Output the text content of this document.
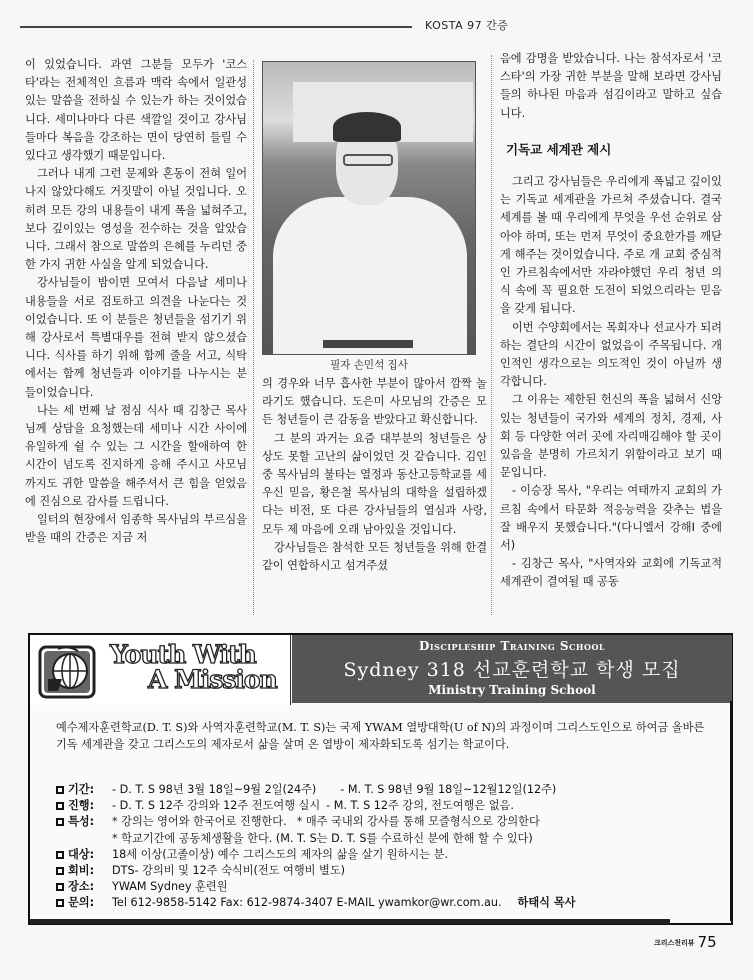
KOSTA 97 간증

이 있었습니다. 과연 그분들 모두가 '코스타'라는 전체적인 흐름과 맥락 속에서 일관성있는 말씀을 전하실 수 있는가 하는 것이었습니다. 세미나마다 다른 색깔일 것이고 강사님들마다 복음을 강조하는 면이 당연히 들릴 수 있다고 생각했기 때문입니다.

그러나 내게 그런 문제와 혼동이 전혀 일어나지 않았다해도 거짓말이 아닐 것입니다. 오히려 모든 강의 내용들이 내게 폭을 넓혀주고, 보다 깊이있는 영성을 전수하는 것을 알았습니다. 그래서 참으로 말씀의 은혜를 누리던 중 한 가지 귀한 사실을 알게 되었습니다.

강사님들이 밤이면 모여서 다음날 세미나 내용들을 서로 검토하고 의견을 나눈다는 것이었습니다. 또 이 분들은 청년들을 섬기기 위해 강사로서 특별대우를 전혀 받지 않으셨습니다. 식사를 하기 위해 함께 줄을 서고, 식탁에서는 함께 청년들과 이야기를 나누시는 분들이었습니다.

나는 세 번째 날 점심 식사 때 김창근 목사님께 상담을 요청했는데 세미나 시간 사이에 유일하게 쉴 수 있는 그 시간을 할애하여 한 시간이 넘도록 진지하게 응해 주시고 사모님까지도 귀한 말씀을 해주셔서 큰 힘을 얻었음에 진심으로 감사를 드립니다.

일터의 현장에서 임종학 목사님의 부르심을 받을 때의 간증은 지금 저

필자 손민석 집사

의 경우와 너무 흡사한 부분이 많아서 깜짝 놀라기도 했습니다. 도은미 사모님의 간증은 모든 청년들이 큰 감동을 받았다고 확신합니다.

그 분의 과거는 요즘 대부분의 청년들은 상상도 못할 고난의 삶이었던 것 같습니다. 김인중 목사님의 불타는 열정과 동산고등학교를 세우신 믿음, 황은철 목사님의 대학을 설립하겠다는 비전, 또 다른 강사님들의 열심과 사랑, 모두 제 마음에 오래 남아있을 것입니다.

강사님들은 참석한 모든 청년들을 위해 한결같이 연합하시고 섬겨주셨

음에 감명을 받았습니다. 나는 참석자로서 '코스타'의 가장 귀한 부분을 말해 보라면 강사님들의 하나된 마음과 섬김이라고 말하고 싶습니다.

기독교 세계관 제시

그리고 강사님들은 우리에게 폭넓고 깊이있는 기독교 세계관을 가르쳐 주셨습니다. 결국 세계를 볼 때 우리에게 무엇을 우선 순위로 삼아야 하며, 또는 먼저 무엇이 중요한가를 깨닫게 해주는 것이었습니다. 주로 개 교회 중심적인 가르침속에서만 자라야했던 우리 청년 의식 속에 꼭 필요한 도전이 되었으리라는 믿음을 갖게 됩니다.

이번 수양회에서는 목회자나 선교사가 되려하는 결단의 시간이 없었음이 주목됩니다. 개인적인 생각으로는 의도적인 것이 아닐까 생각합니다.

그 이유는 제한된 헌신의 폭을 넓혀서 신앙있는 청년들이 국가와 세계의 정치, 경제, 사회 등 다양한 여러 곳에 자리매김해야 할 곳이 있음을 분명히 가르치기 위함이라고 보기 때문입니다.

- 이승장 목사, "우리는 여태까지 교회의 가르침 속에서 타문화 적응능력을 갖추는 법을 잘 배우지 못했습니다."(다니엘서 강해I 중에서)

- 김창근 목사, "사역자와 교회에 기독교적 세계관이 결여될 때 공동

Youth With
A Mission
Discipleship Training School
Sydney 318 선교훈련학교 학생 모집
Ministry Training School
예수제자훈련학교(D. T. S)와 사역자훈련학교(M. T. S)는 국제 YWAM 열방대학(U of N)의 과정이며 그리스도인으로 하여금 올바른 기독 세계관을 갖고 그리스도의 제자로서 삶을 살며 온 열방이 제자화되도록 섬기는 학교이다.
기간:	- D. T. S 98년 3월 18일~9월 2일(24주) - M. T. S 98년 9월 18일~12월12일(12주)
진행:	- D. T. S 12주 강의와 12주 전도여행 실시 - M. T. S 12주 강의, 전도여행은 없음.
특성:	* 강의는 영어와 한국어로 진행한다. * 매주 국내외 강사를 통해 모즐형식으로 강의한다
* 학교기간에 공동체생활을 한다. (M. T. S는 D. T. S를 수료하신 분에 한해 할 수 있다)
대상:	18세 이상(고졸이상) 예수 그리스도의 제자의 삶을 살기 원하시는 분.
회비:	DTS- 강의비 및 12주 숙식비(전도 여행비 별도)
장소:	YWAM Sydney 훈련원
문의:	Tel 612-9858-5142 Fax: 612-9874-3407 E-MAIL ywamkor@wr.com.au. 하태식 목사
크리스천리뷰 75
